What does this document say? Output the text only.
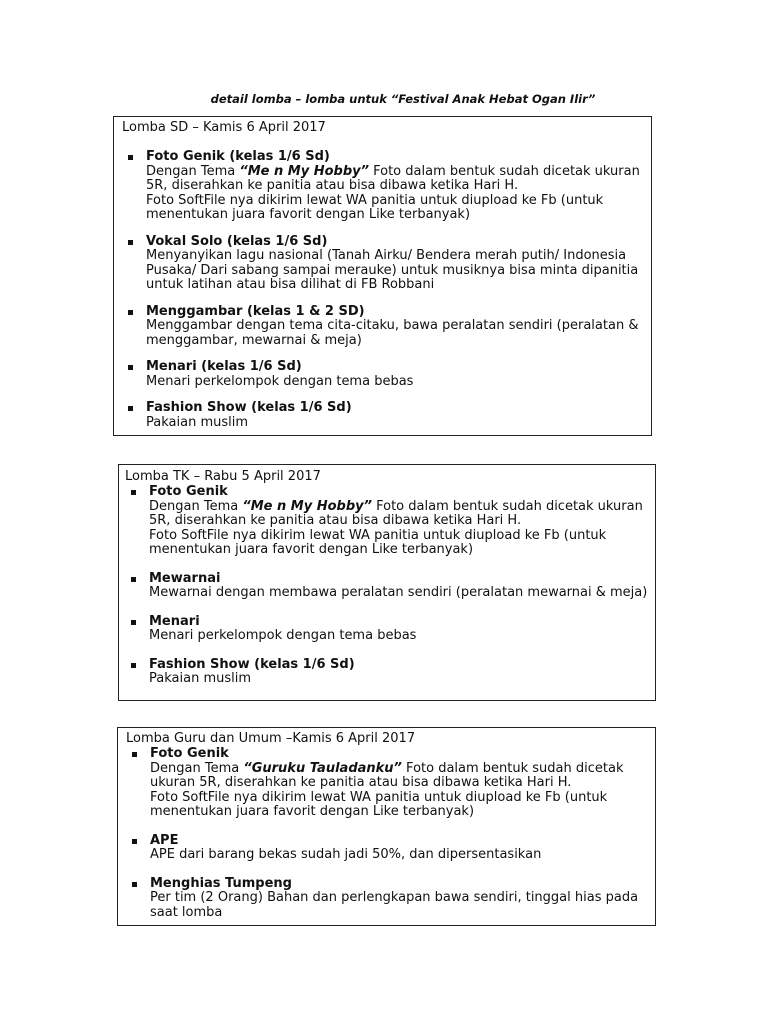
detail lomba – lomba untuk “Festival Anak Hebat Ogan Ilir”

Lomba SD – Kamis 6 April 2017

Foto Genik (kelas 1/6 Sd)
Dengan Tema “Me n My Hobby” Foto dalam bentuk sudah dicetak ukuran 5R, diserahkan ke panitia atau bisa dibawa ketika Hari H.
Foto SoftFile nya dikirim lewat WA panitia untuk diupload ke Fb (untuk menentukan juara favorit dengan Like terbanyak)
Vokal Solo (kelas 1/6 Sd)
Menyanyikan lagu nasional (Tanah Airku/ Bendera merah putih/ Indonesia Pusaka/ Dari sabang sampai merauke) untuk musiknya bisa minta dipanitia untuk latihan atau bisa dilihat di FB Robbani
Menggambar (kelas 1 & 2 SD)
Menggambar dengan tema cita-citaku, bawa peralatan sendiri (peralatan & menggambar, mewarnai & meja)
Menari (kelas 1/6 Sd)
Menari perkelompok dengan tema bebas
Fashion Show (kelas 1/6 Sd)
Pakaian muslim

Lomba TK – Rabu 5 April 2017

Foto Genik
Dengan Tema “Me n My Hobby” Foto dalam bentuk sudah dicetak ukuran 5R, diserahkan ke panitia atau bisa dibawa ketika Hari H.
Foto SoftFile nya dikirim lewat WA panitia untuk diupload ke Fb (untuk menentukan juara favorit dengan Like terbanyak)
Mewarnai
Mewarnai dengan membawa peralatan sendiri (peralatan mewarnai & meja)
Menari
Menari perkelompok dengan tema bebas
Fashion Show (kelas 1/6 Sd)
Pakaian muslim

Lomba Guru dan Umum –Kamis 6 April 2017

Foto Genik
Dengan Tema “Guruku Tauladanku” Foto dalam bentuk sudah dicetak ukuran 5R, diserahkan ke panitia atau bisa dibawa ketika Hari H.
Foto SoftFile nya dikirim lewat WA panitia untuk diupload ke Fb (untuk menentukan juara favorit dengan Like terbanyak)
APE
APE dari barang bekas sudah jadi 50%, dan dipersentasikan
Menghias Tumpeng
Per tim (2 Orang) Bahan dan perlengkapan bawa sendiri, tinggal hias pada saat lomba
